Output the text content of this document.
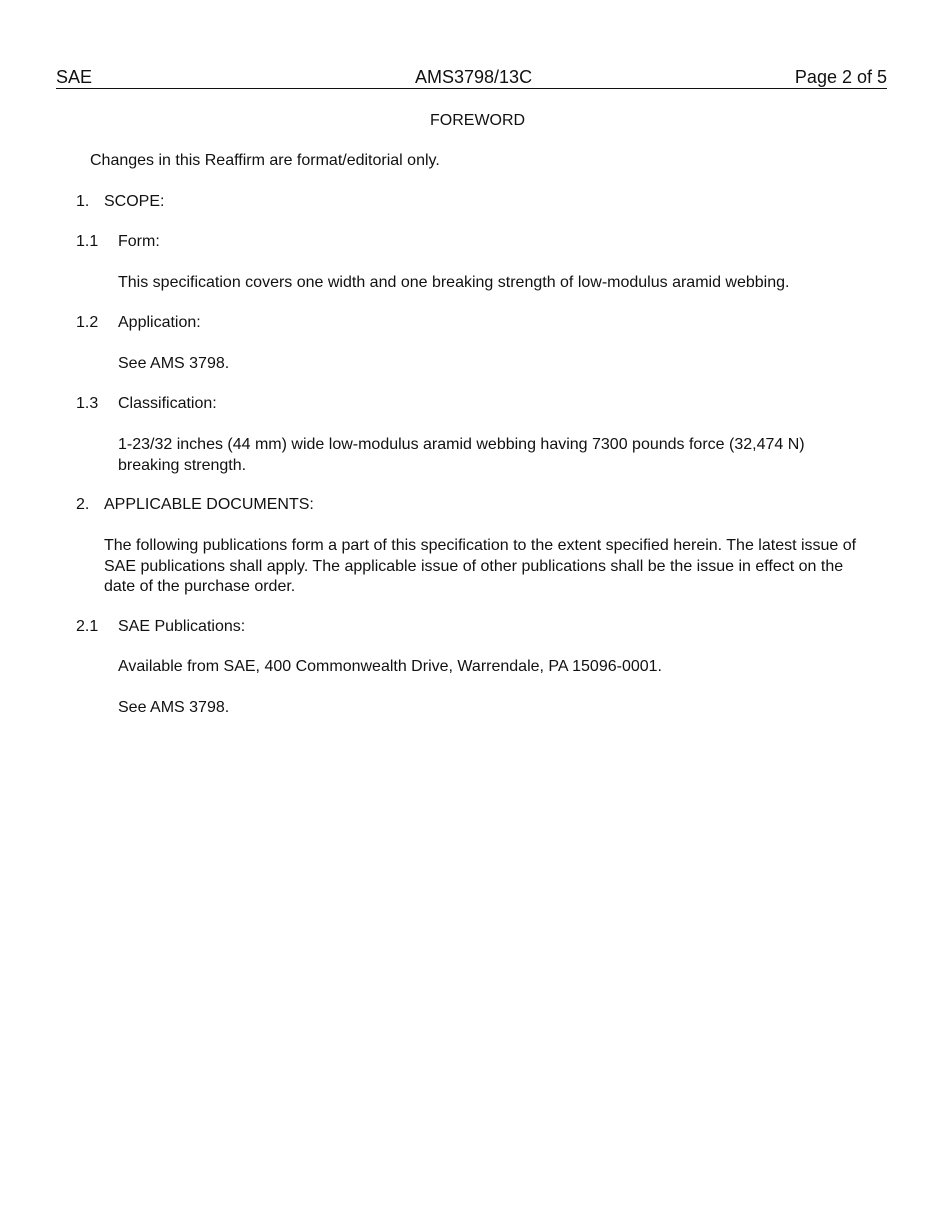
SAE	AMS3798/13C	Page 2 of 5
FOREWORD
Changes in this Reaffirm are format/editorial only.
1. SCOPE:
1.1 Form:
This specification covers one width and one breaking strength of low-modulus aramid webbing.
1.2 Application:
See AMS 3798.
1.3 Classification:
1-23/32 inches (44 mm) wide low-modulus aramid webbing having 7300 pounds force (32,474 N) breaking strength.
2. APPLICABLE DOCUMENTS:
The following publications form a part of this specification to the extent specified herein. The latest issue of SAE publications shall apply. The applicable issue of other publications shall be the issue in effect on the date of the purchase order.
2.1 SAE Publications:
Available from SAE, 400 Commonwealth Drive, Warrendale, PA 15096-0001.
See AMS 3798.
